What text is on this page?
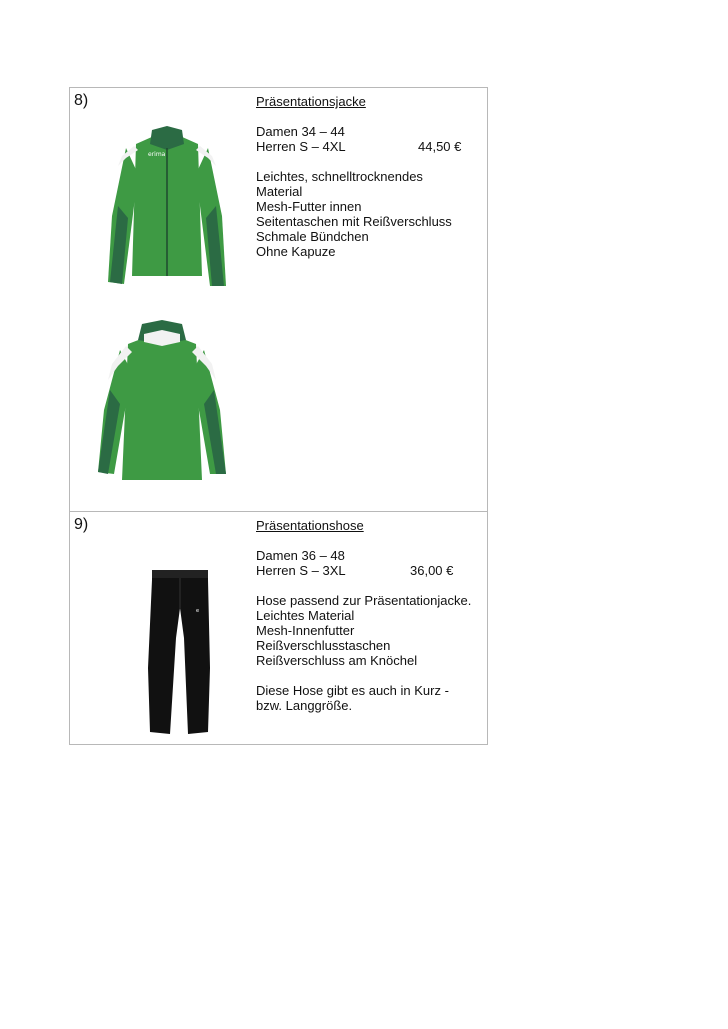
8)
erima
Präsentationsjacke
Damen 34 – 44
Herren S – 4XL	44,50 €
Leichtes, schnelltrocknendes
Material
Mesh-Futter innen
Seitentaschen mit Reißverschluss
Schmale Bündchen
Ohne Kapuze
9)
e
Präsentationshose
Damen 36 – 48
Herren S – 3XL	36,00 €
Hose passend zur Präsentationjacke.
Leichtes Material
Mesh-Innenfutter
Reißverschlusstaschen
Reißverschluss am Knöchel
Diese Hose gibt es auch in Kurz -
bzw. Langgröße.
